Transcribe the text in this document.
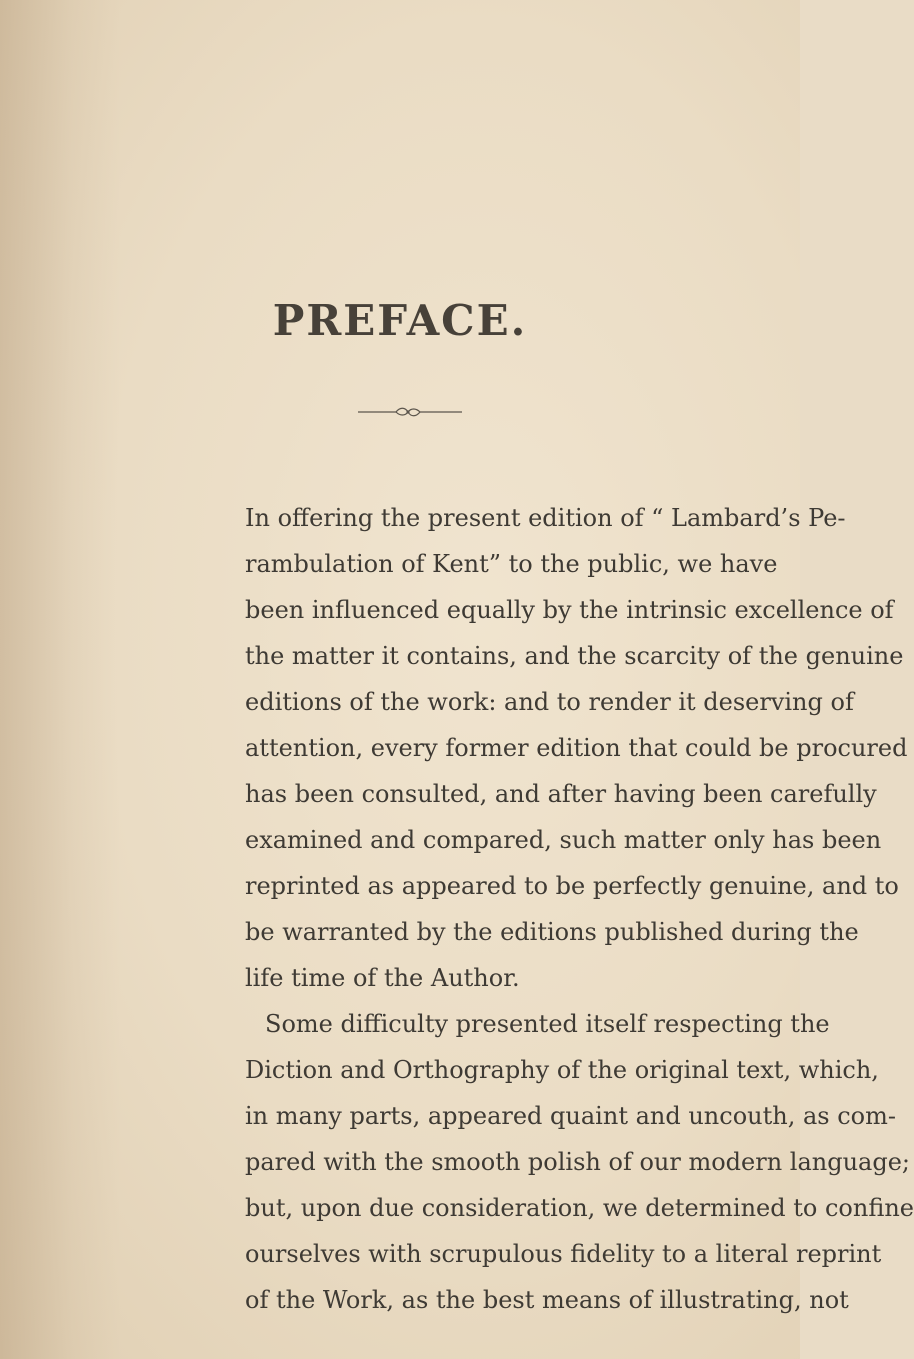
PREFACE.
In offering the present edition of “ Lambard’s Pe-
rambulation of Kent” to the public, we have
been influenced equally by the intrinsic excellence of
the matter it contains, and the scarcity of the genuine
editions of the work: and to render it deserving of
attention, every former edition that could be procured
has been consulted, and after having been carefully
examined and compared, such matter only has been
reprinted as appeared to be perfectly genuine, and to
be warranted by the editions published during the
life time of the Author.
Some difficulty presented itself respecting the
Diction and Orthography of the original text, which,
in many parts, appeared quaint and uncouth, as com-
pared with the smooth polish of our modern language;
but, upon due consideration, we determined to confine
ourselves with scrupulous fidelity to a literal reprint
of the Work, as the best means of illustrating, not
